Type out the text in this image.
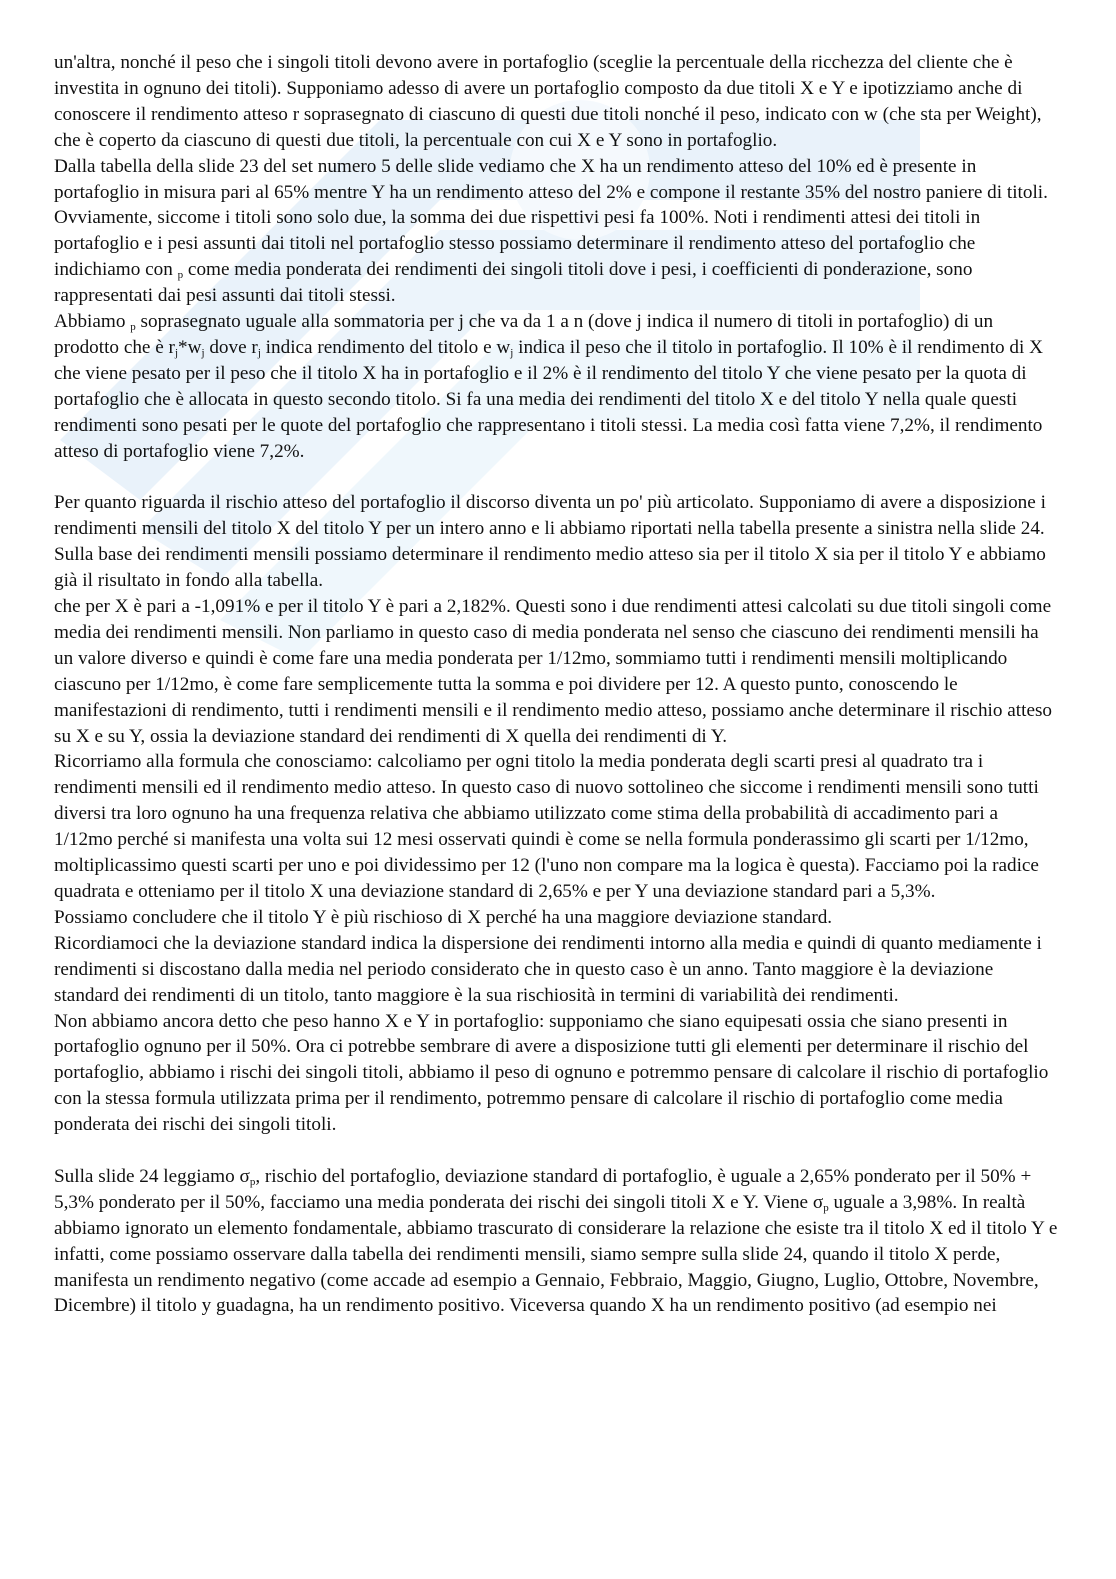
un'altra, nonché il peso che i singoli titoli devono avere in portafoglio (sceglie la percentuale della ricchezza del cliente che è investita in ognuno dei titoli). Supponiamo adesso di avere un portafoglio composto da due titoli X e Y e ipotizziamo anche di conoscere il rendimento atteso r soprasegnato di ciascuno di questi due titoli nonché il peso, indicato con w (che sta per Weight), che è coperto da ciascuno di questi due titoli, la percentuale con cui X e Y sono in portafoglio.

Dalla tabella della slide 23 del set numero 5 delle slide vediamo che X ha un rendimento atteso del 10% ed è presente in portafoglio in misura pari al 65% mentre Y ha un rendimento atteso del 2% e compone il restante 35% del nostro paniere di titoli. Ovviamente, siccome i titoli sono solo due, la somma dei due rispettivi pesi fa 100%. Noti i rendimenti attesi dei titoli in portafoglio e i pesi assunti dai titoli nel portafoglio stesso possiamo determinare il rendimento atteso del portafoglio che indichiamo con $_p$ come media ponderata dei rendimenti dei singoli titoli dove i pesi, i coefficienti di ponderazione, sono rappresentati dai pesi assunti dai titoli stessi.

Abbiamo $_p$ soprasegnato uguale alla sommatoria per j che va da 1 a n (dove j indica il numero di titoli in portafoglio) di un prodotto che è $r_j*w_j$ dove $r_j$ indica rendimento del titolo e $w_j$ indica il peso che il titolo in portafoglio. Il 10% è il rendimento di X che viene pesato per il peso che il titolo X ha in portafoglio e il 2% è il rendimento del titolo Y che viene pesato per la quota di portafoglio che è allocata in questo secondo titolo. Si fa una media dei rendimenti del titolo X e del titolo Y nella quale questi rendimenti sono pesati per le quote del portafoglio che rappresentano i titoli stessi. La media così fatta viene 7,2%, il rendimento atteso di portafoglio viene 7,2%.

Per quanto riguarda il rischio atteso del portafoglio il discorso diventa un po' più articolato. Supponiamo di avere a disposizione i rendimenti mensili del titolo X del titolo Y per un intero anno e li abbiamo riportati nella tabella presente a sinistra nella slide 24. Sulla base dei rendimenti mensili possiamo determinare il rendimento medio atteso sia per il titolo X sia per il titolo Y e abbiamo già il risultato in fondo alla tabella.

che per X è pari a -1,091% e per il titolo Y è pari a 2,182%. Questi sono i due rendimenti attesi calcolati su due titoli singoli come media dei rendimenti mensili. Non parliamo in questo caso di media ponderata nel senso che ciascuno dei rendimenti mensili ha un valore diverso e quindi è come fare una media ponderata per 1/12mo, sommiamo tutti i rendimenti mensili moltiplicando ciascuno per 1/12mo, è come fare semplicemente tutta la somma e poi dividere per 12. A questo punto, conoscendo le manifestazioni di rendimento, tutti i rendimenti mensili e il rendimento medio atteso, possiamo anche determinare il rischio atteso su X e su Y, ossia la deviazione standard dei rendimenti di X quella dei rendimenti di Y.

Ricorriamo alla formula che conosciamo: calcoliamo per ogni titolo la media ponderata degli scarti presi al quadrato tra i rendimenti mensili ed il rendimento medio atteso. In questo caso di nuovo sottolineo che siccome i rendimenti mensili sono tutti diversi tra loro ognuno ha una frequenza relativa che abbiamo utilizzato come stima della probabilità di accadimento pari a 1/12mo perché si manifesta una volta sui 12 mesi osservati quindi è come se nella formula ponderassimo gli scarti per 1/12mo, moltiplicassimo questi scarti per uno e poi dividessimo per 12 (l'uno non compare ma la logica è questa). Facciamo poi la radice quadrata e otteniamo per il titolo X una deviazione standard di 2,65% e per Y una deviazione standard pari a 5,3%.

Possiamo concludere che il titolo Y è più rischioso di X perché ha una maggiore deviazione standard.

Ricordiamoci che la deviazione standard indica la dispersione dei rendimenti intorno alla media e quindi di quanto mediamente i rendimenti si discostano dalla media nel periodo considerato che in questo caso è un anno. Tanto maggiore è la deviazione standard dei rendimenti di un titolo, tanto maggiore è la sua rischiosità in termini di variabilità dei rendimenti.

Non abbiamo ancora detto che peso hanno X e Y in portafoglio: supponiamo che siano equipesati ossia che siano presenti in portafoglio ognuno per il 50%. Ora ci potrebbe sembrare di avere a disposizione tutti gli elementi per determinare il rischio del portafoglio, abbiamo i rischi dei singoli titoli, abbiamo il peso di ognuno e potremmo pensare di calcolare il rischio di portafoglio con la stessa formula utilizzata prima per il rendimento, potremmo pensare di calcolare il rischio di portafoglio come media ponderata dei rischi dei singoli titoli.

Sulla slide 24 leggiamo $\sigma_p$, rischio del portafoglio, deviazione standard di portafoglio, è uguale a 2,65% ponderato per il 50% + 5,3% ponderato per il 50%, facciamo una media ponderata dei rischi dei singoli titoli X e Y. Viene $\sigma_p$ uguale a 3,98%. In realtà abbiamo ignorato un elemento fondamentale, abbiamo trascurato di considerare la relazione che esiste tra il titolo X ed il titolo Y e infatti, come possiamo osservare dalla tabella dei rendimenti mensili, siamo sempre sulla slide 24, quando il titolo X perde, manifesta un rendimento negativo (come accade ad esempio a Gennaio, Febbraio, Maggio, Giugno, Luglio, Ottobre, Novembre, Dicembre) il titolo y guadagna, ha un rendimento positivo. Viceversa quando X ha un rendimento positivo (ad esempio nei
